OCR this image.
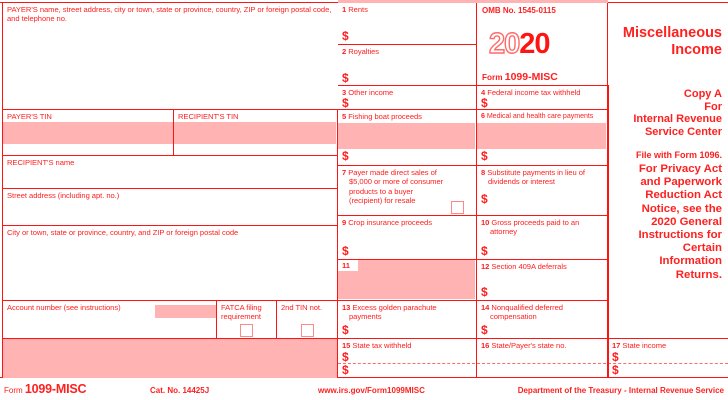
PAYER'S name, street address, city or town, state or province, country, ZIP or foreign postal code, and telephone no.
PAYER'S TIN	RECIPIENT'S TIN
RECIPIENT'S name
Street address (including apt. no.)
City or town, state or province, country, and ZIP or foreign postal code
Account number (see instructions)	FATCA filing
requirement
2nd TIN not.
1 Rents
$
2 Royalties
$
3 Other income
$
5 Fishing boat proceeds
$
7 Payer made direct sales of
$5,000 or more of consumer
products to a buyer
(recipient) for resale
9 Crop insurance proceeds
$
11
13 Excess golden parachute
payments
$
15 State tax withheld
$
$
OMB No. 1545-0115
2020
Form 1099-MISC
4 Federal income tax withheld
$
6 Medical and health care payments
$
8 Substitute payments in lieu of
dividends or interest
$
10 Gross proceeds paid to an
attorney
$
12 Section 409A deferrals
$
14 Nonqualified deferred
compensation
$
16 State/Payer's state no.
Miscellaneous
Income
Copy A
For
Internal Revenue
Service Center
File with Form 1096.
For Privacy Act
and Paperwork
Reduction Act
Notice, see the
2020 General
Instructions for
Certain
Information
Returns.
17 State income
$
$
Form 1099-MISC	Cat. No. 14425J	www.irs.gov/Form1099MISC	Department of the Treasury - Internal Revenue Service
